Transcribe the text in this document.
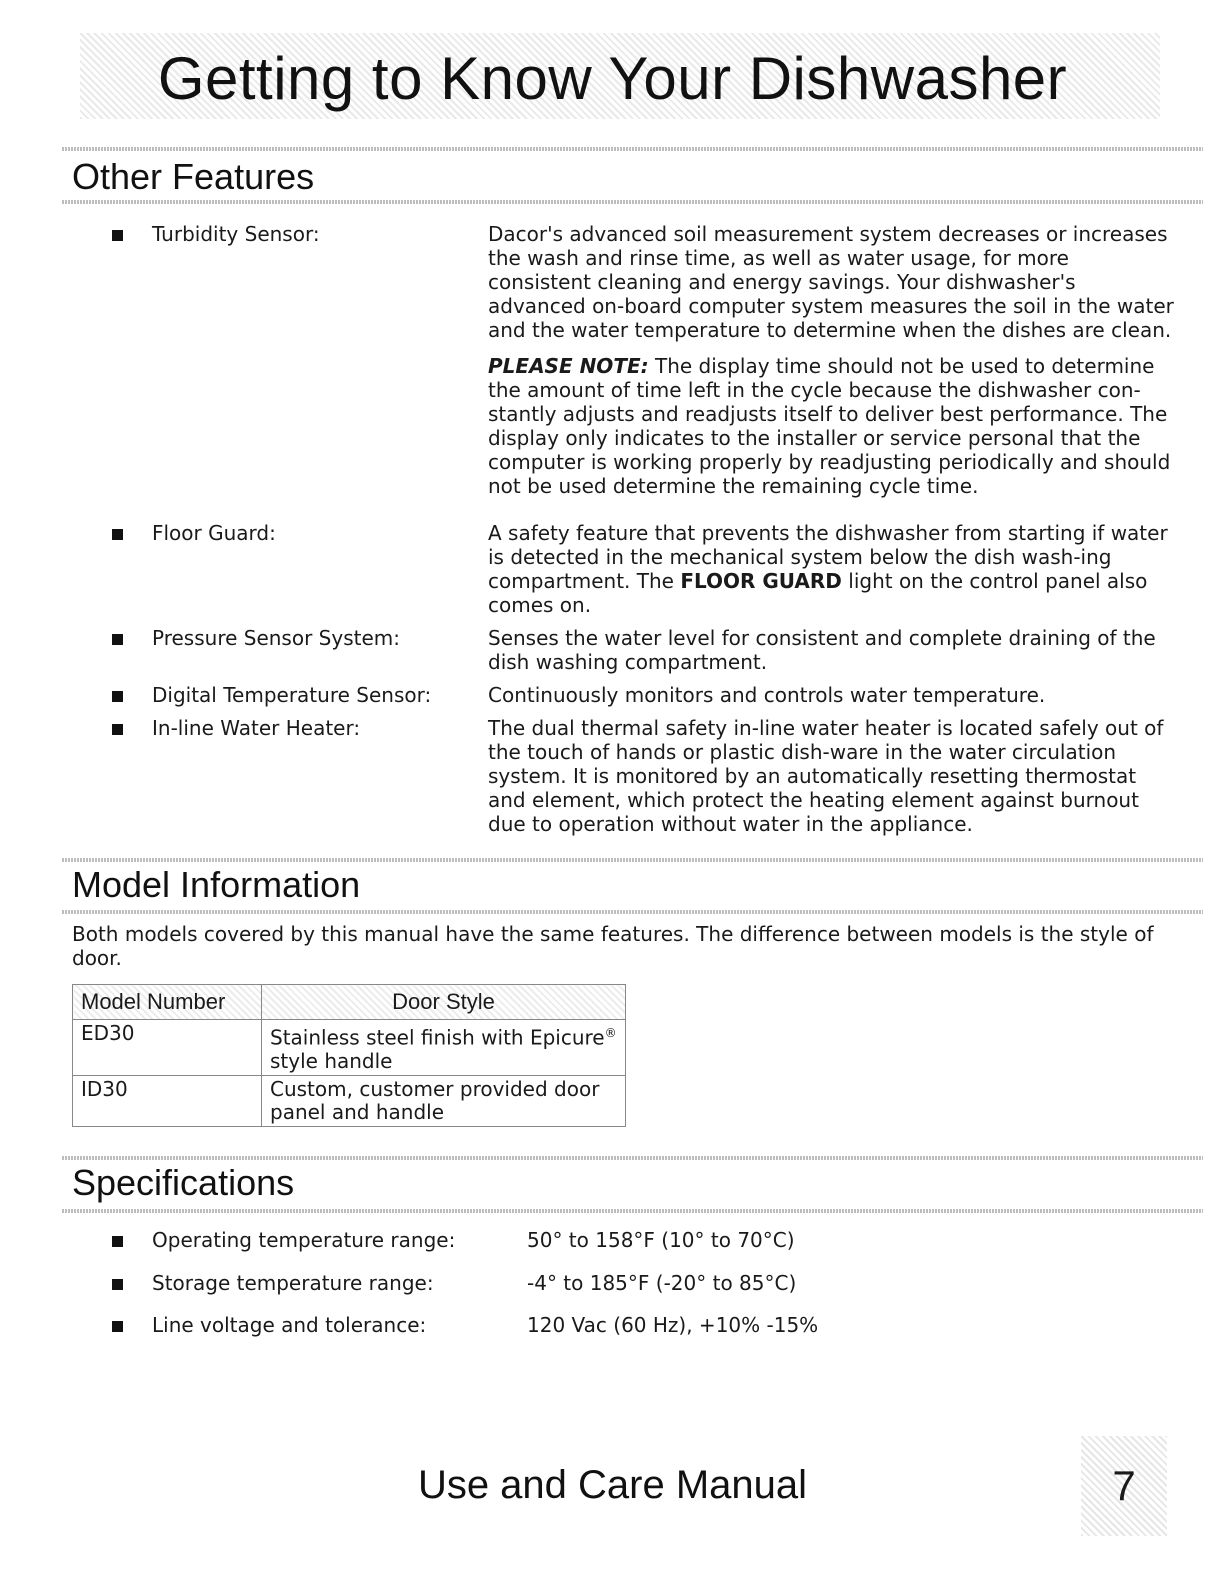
Getting to Know Your Dishwasher
Other Features
Turbidity Sensor:	Dacor's advanced soil measurement system decreases or increases the wash and rinse time, as well as water usage, for more consistent cleaning and energy savings. Your dishwasher's advanced on-board computer system measures the soil in the water and the water temperature to determine when the dishes are clean.

PLEASE NOTE: The display time should not be used to determine the amount of time left in the cycle because the dishwasher con-stantly adjusts and readjusts itself to deliver best performance. The display only indicates to the installer or service personal that the computer is working properly by readjusting periodically and should not be used determine the remaining cycle time.

Floor Guard:	A safety feature that prevents the dishwasher from starting if water is detected in the mechanical system below the dish wash-ing compartment. The FLOOR GUARD light on the control panel also comes on.
Pressure Sensor System:	Senses the water level for consistent and complete draining of the dish washing compartment.
Digital Temperature Sensor:	Continuously monitors and controls water temperature.
In-line Water Heater:	The dual thermal safety in-line water heater is located safely out of the touch of hands or plastic dish-ware in the water circulation system. It is monitored by an automatically resetting thermostat and element, which protect the heating element against burnout due to operation without water in the appliance.
Model Information
Both models covered by this manual have the same features. The difference between models is the style of door.
Model Number	Door Style
ED30	Stainless steel finish with Epicure® style handle
ID30	Custom, customer provided door panel and handle
Specifications
Operating temperature range:	50° to 158°F (10° to 70°C)
Storage temperature range:	-4° to 185°F (-20° to 85°C)
Line voltage and tolerance:	120 Vac (60 Hz), +10% -15%
Use and Care Manual	7
